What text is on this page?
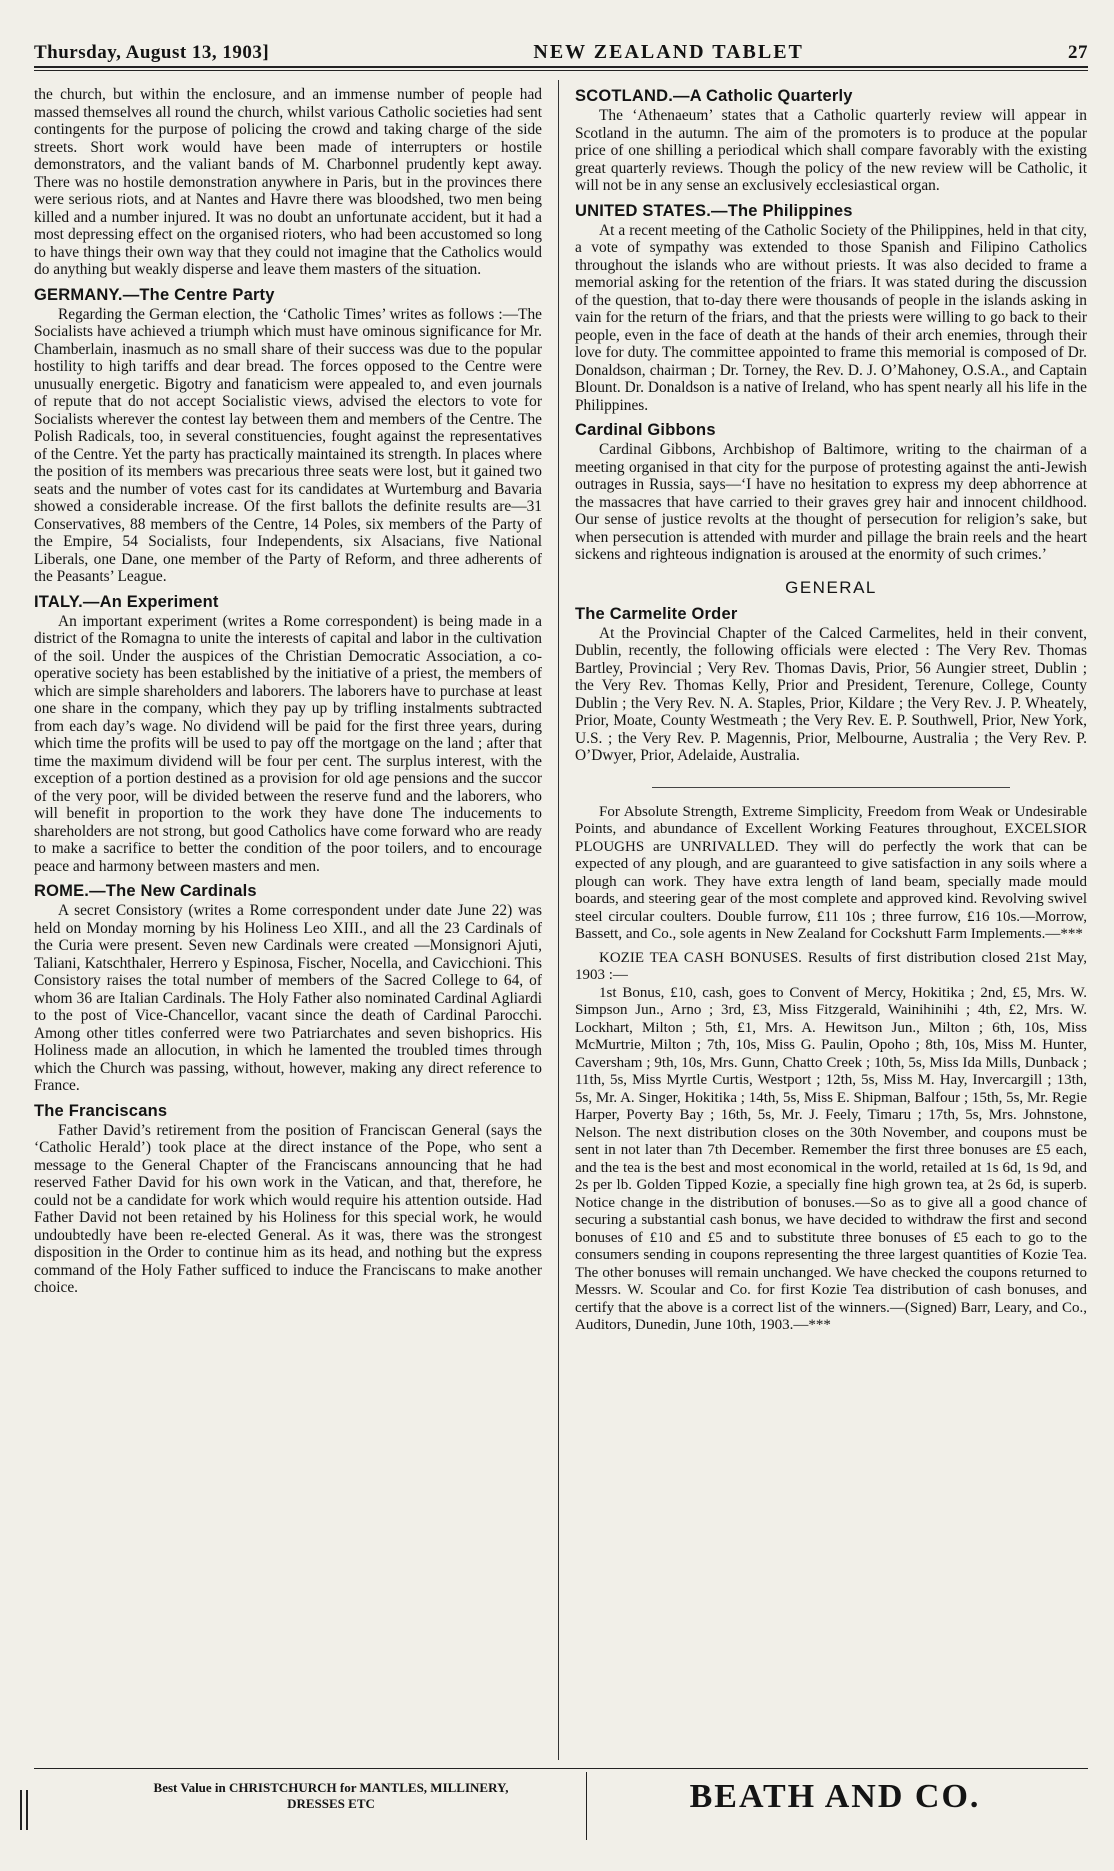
Thursday, August 13, 1903]	NEW ZEALAND TABLET	27

the church, but within the enclosure, and an immense number of people had massed themselves all round the church, whilst various Catholic societies had sent contingents for the purpose of policing the crowd and taking charge of the side streets. Short work would have been made of interrupters or hostile demonstrators, and the valiant bands of M. Charbonnel prudently kept away. There was no hostile demonstration anywhere in Paris, but in the provinces there were serious riots, and at Nantes and Havre there was bloodshed, two men being killed and a number injured. It was no doubt an unfortunate accident, but it had a most depressing effect on the organised rioters, who had been accustomed so long to have things their own way that they could not imagine that the Catholics would do anything but weakly disperse and leave them masters of the situation.

GERMANY.—The Centre Party

Regarding the German election, the ‘Catholic Times’ writes as follows :—The Socialists have achieved a triumph which must have ominous significance for Mr. Chamberlain, inasmuch as no small share of their success was due to the popular hostility to high tariffs and dear bread. The forces opposed to the Centre were unusually energetic. Bigotry and fanaticism were appealed to, and even journals of repute that do not accept Socialistic views, advised the electors to vote for Socialists wherever the contest lay between them and members of the Centre. The Polish Radicals, too, in several constituencies, fought against the representatives of the Centre. Yet the party has practically maintained its strength. In places where the position of its members was precarious three seats were lost, but it gained two seats and the number of votes cast for its candidates at Wurtemburg and Bavaria showed a considerable increase. Of the first ballots the definite results are—31 Conservatives, 88 members of the Centre, 14 Poles, six members of the Party of the Empire, 54 Socialists, four Independents, six Alsacians, five National Liberals, one Dane, one member of the Party of Reform, and three adherents of the Peasants’ League.

ITALY.—An Experiment

An important experiment (writes a Rome correspondent) is being made in a district of the Romagna to unite the interests of capital and labor in the cultivation of the soil. Under the auspices of the Christian Democratic Association, a co-operative society has been established by the initiative of a priest, the members of which are simple shareholders and laborers. The laborers have to purchase at least one share in the company, which they pay up by trifling instalments subtracted from each day’s wage. No dividend will be paid for the first three years, during which time the profits will be used to pay off the mortgage on the land ; after that time the maximum dividend will be four per cent. The surplus interest, with the exception of a portion destined as a provision for old age pensions and the succor of the very poor, will be divided between the reserve fund and the laborers, who will benefit in proportion to the work they have done The inducements to shareholders are not strong, but good Catholics have come forward who are ready to make a sacrifice to better the condition of the poor toilers, and to encourage peace and harmony between masters and men.

ROME.—The New Cardinals

A secret Consistory (writes a Rome correspondent under date June 22) was held on Monday morning by his Holiness Leo XIII., and all the 23 Cardinals of the Curia were present. Seven new Cardinals were created —Monsignori Ajuti, Taliani, Katschthaler, Herrero y Espinosa, Fischer, Nocella, and Cavicchioni. This Consistory raises the total number of members of the Sacred College to 64, of whom 36 are Italian Cardinals. The Holy Father also nominated Cardinal Agliardi to the post of Vice-Chancellor, vacant since the death of Cardinal Parocchi. Among other titles conferred were two Patriarchates and seven bishoprics. His Holiness made an allocution, in which he lamented the troubled times through which the Church was passing, without, however, making any direct reference to France.

The Franciscans

Father David’s retirement from the position of Franciscan General (says the ‘Catholic Herald’) took place at the direct instance of the Pope, who sent a message to the General Chapter of the Franciscans announcing that he had reserved Father David for his own work in the Vatican, and that, therefore, he could not be a candidate for work which would require his attention outside. Had Father David not been retained by his Holiness for this special work, he would undoubtedly have been re-elected General. As it was, there was the strongest disposition in the Order to continue him as its head, and nothing but the express command of the Holy Father sufficed to induce the Franciscans to make another choice.

SCOTLAND.—A Catholic Quarterly

The ‘Athenaeum’ states that a Catholic quarterly review will appear in Scotland in the autumn. The aim of the promoters is to produce at the popular price of one shilling a periodical which shall compare favorably with the existing great quarterly reviews. Though the policy of the new review will be Catholic, it will not be in any sense an exclusively ecclesiastical organ.

UNITED STATES.—The Philippines

At a recent meeting of the Catholic Society of the Philippines, held in that city, a vote of sympathy was extended to those Spanish and Filipino Catholics throughout the islands who are without priests. It was also decided to frame a memorial asking for the retention of the friars. It was stated during the discussion of the question, that to-day there were thousands of people in the islands asking in vain for the return of the friars, and that the priests were willing to go back to their people, even in the face of death at the hands of their arch enemies, through their love for duty. The committee appointed to frame this memorial is composed of Dr. Donaldson, chairman ; Dr. Torney, the Rev. D. J. O’Mahoney, O.S.A., and Captain Blount. Dr. Donaldson is a native of Ireland, who has spent nearly all his life in the Philippines.

Cardinal Gibbons

Cardinal Gibbons, Archbishop of Baltimore, writing to the chairman of a meeting organised in that city for the purpose of protesting against the anti-Jewish outrages in Russia, says—‘I have no hesitation to express my deep abhorrence at the massacres that have carried to their graves grey hair and innocent childhood. Our sense of justice revolts at the thought of persecution for religion’s sake, but when persecution is attended with murder and pillage the brain reels and the heart sickens and righteous indignation is aroused at the enormity of such crimes.’

GENERAL
The Carmelite Order

At the Provincial Chapter of the Calced Carmelites, held in their convent, Dublin, recently, the following officials were elected : The Very Rev. Thomas Bartley, Provincial ; Very Rev. Thomas Davis, Prior, 56 Aungier street, Dublin ; the Very Rev. Thomas Kelly, Prior and President, Terenure, College, County Dublin ; the Very Rev. N. A. Staples, Prior, Kildare ; the Very Rev. J. P. Wheately, Prior, Moate, County Westmeath ; the Very Rev. E. P. Southwell, Prior, New York, U.S. ; the Very Rev. P. Magennis, Prior, Melbourne, Australia ; the Very Rev. P. O’Dwyer, Prior, Adelaide, Australia.

For Absolute Strength, Extreme Simplicity, Freedom from Weak or Undesirable Points, and abundance of Excellent Working Features throughout, EXCELSIOR PLOUGHS are UNRIVALLED. They will do perfectly the work that can be expected of any plough, and are guaranteed to give satisfaction in any soils where a plough can work. They have extra length of land beam, specially made mould boards, and steering gear of the most complete and approved kind. Revolving swivel steel circular coulters. Double furrow, £11 10s ; three furrow, £16 10s.—Morrow, Bassett, and Co., sole agents in New Zealand for Cockshutt Farm Implements.—***

KOZIE TEA CASH BONUSES. Results of first distribution closed 21st May, 1903 :—

1st Bonus, £10, cash, goes to Convent of Mercy, Hokitika ; 2nd, £5, Mrs. W. Simpson Jun., Arno ; 3rd, £3, Miss Fitzgerald, Wainihinihi ; 4th, £2, Mrs. W. Lockhart, Milton ; 5th, £1, Mrs. A. Hewitson Jun., Milton ; 6th, 10s, Miss McMurtrie, Milton ; 7th, 10s, Miss G. Paulin, Opoho ; 8th, 10s, Miss M. Hunter, Caversham ; 9th, 10s, Mrs. Gunn, Chatto Creek ; 10th, 5s, Miss Ida Mills, Dunback ; 11th, 5s, Miss Myrtle Curtis, Westport ; 12th, 5s, Miss M. Hay, Invercargill ; 13th, 5s, Mr. A. Singer, Hokitika ; 14th, 5s, Miss E. Shipman, Balfour ; 15th, 5s, Mr. Regie Harper, Poverty Bay ; 16th, 5s, Mr. J. Feely, Timaru ; 17th, 5s, Mrs. Johnstone, Nelson. The next distribution closes on the 30th November, and coupons must be sent in not later than 7th December. Remember the first three bonuses are £5 each, and the tea is the best and most economical in the world, retailed at 1s 6d, 1s 9d, and 2s per lb. Golden Tipped Kozie, a specially fine high grown tea, at 2s 6d, is superb. Notice change in the distribution of bonuses.—So as to give all a good chance of securing a substantial cash bonus, we have decided to withdraw the first and second bonuses of £10 and £5 and to substitute three bonuses of £5 each to go to the consumers sending in coupons representing the three largest quantities of Kozie Tea. The other bonuses will remain unchanged. We have checked the coupons returned to Messrs. W. Scoular and Co. for first Kozie Tea distribution of cash bonuses, and certify that the above is a correct list of the winners.—(Signed) Barr, Leary, and Co., Auditors, Dunedin, June 10th, 1903.—***

Best Value in CHRISTCHURCH for MANTLES, MILLINERY,
DRESSES ETC	BEATH AND CO.
